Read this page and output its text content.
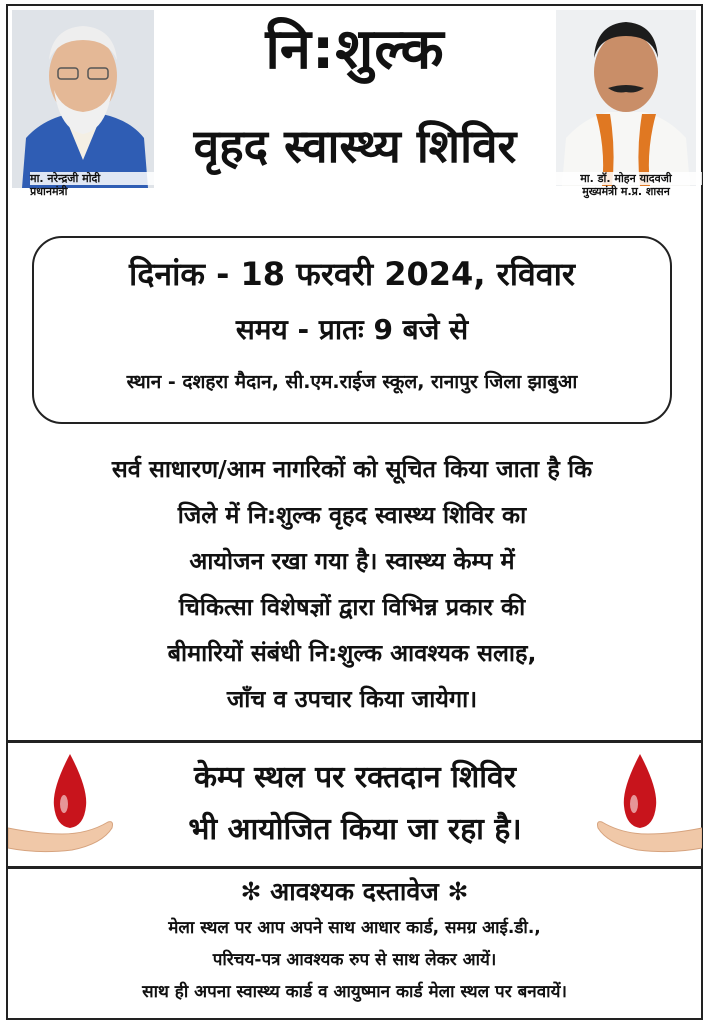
मा. नरेन्द्रजी मोदी
प्रधानमंत्री
मा. डॉ. मोहन यादवजी
मुख्यमंत्री म.प्र. शासन
नि:शुल्क
वृहद स्वास्थ्य शिविर
दिनांक - 18 फरवरी 2024, रविवार
समय - प्रातः 9 बजे से
स्थान - दशहरा मैदान, सी.एम.राईज स्कूल, रानापुर जिला झाबुआ
सर्व साधारण/आम नागरिकों को सूचित किया जाता है कि
जिले में नि:शुल्क वृहद स्वास्थ्य शिविर का
आयोजन रखा गया है। स्वास्थ्य केम्प में
चिकित्सा विशेषज्ञों द्वारा विभिन्न प्रकार की
बीमारियों संबंधी नि:शुल्क आवश्यक सलाह,
जाँच व उपचार किया जायेगा।
केम्प स्थल पर रक्तदान शिविर
भी आयोजित किया जा रहा है।
✻ आवश्यक दस्तावेज ✻
मेला स्थल पर आप अपने साथ आधार कार्ड, समग्र आई.डी.,
परिचय-पत्र आवश्यक रुप से साथ लेकर आयें।
साथ ही अपना स्वास्थ्य कार्ड व आयुष्मान कार्ड मेला स्थल पर बनवायें।
